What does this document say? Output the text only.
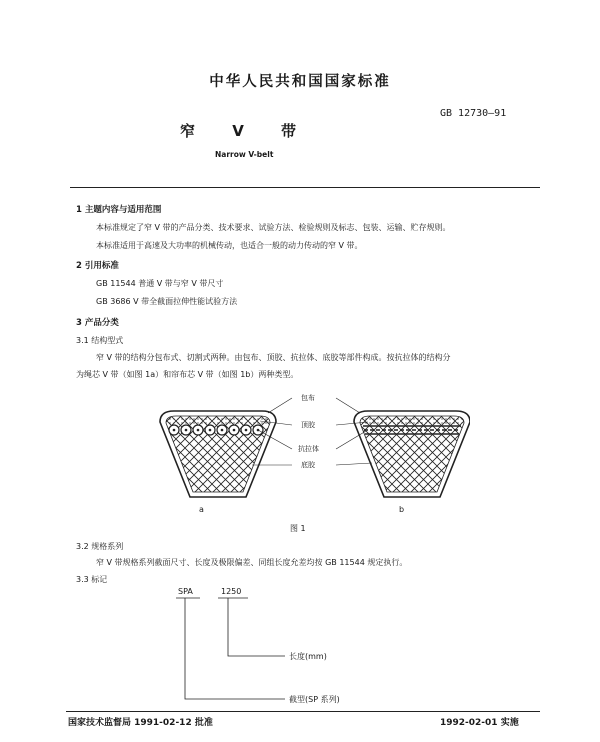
中华人民共和国国家标准
GB 12730—91
窄 V 带
Narrow V-belt
1 主题内容与适用范围
本标准规定了窄 V 带的产品分类、技术要求、试验方法、检验规则及标志、包装、运输、贮存规则。
本标准适用于高速及大功率的机械传动，也适合一般的动力传动的窄 V 带。
2 引用标准
GB 11544 普通 V 带与窄 V 带尺寸
GB 3686 V 带全截面拉伸性能试验方法
3 产品分类
3.1 结构型式
窄 V 带的结构分包布式、切割式两种。由包布、顶胶、抗拉体、底胶等部件构成。按抗拉体的结构分
为绳芯 V 带（如图 1a）和帘布芯 V 带（如图 1b）两种类型。
包布
顶胶
抗拉体
底胶
a	b
图 1
3.2 规格系列
窄 V 带规格系列截面尺寸、长度及极限偏差、同组长度允差均按 GB 11544 规定执行。
3.3 标记
SPA	1250
长度(mm)
截型(SP 系列)
国家技术监督局 1991-02-12 批准	1992-02-01 实施
